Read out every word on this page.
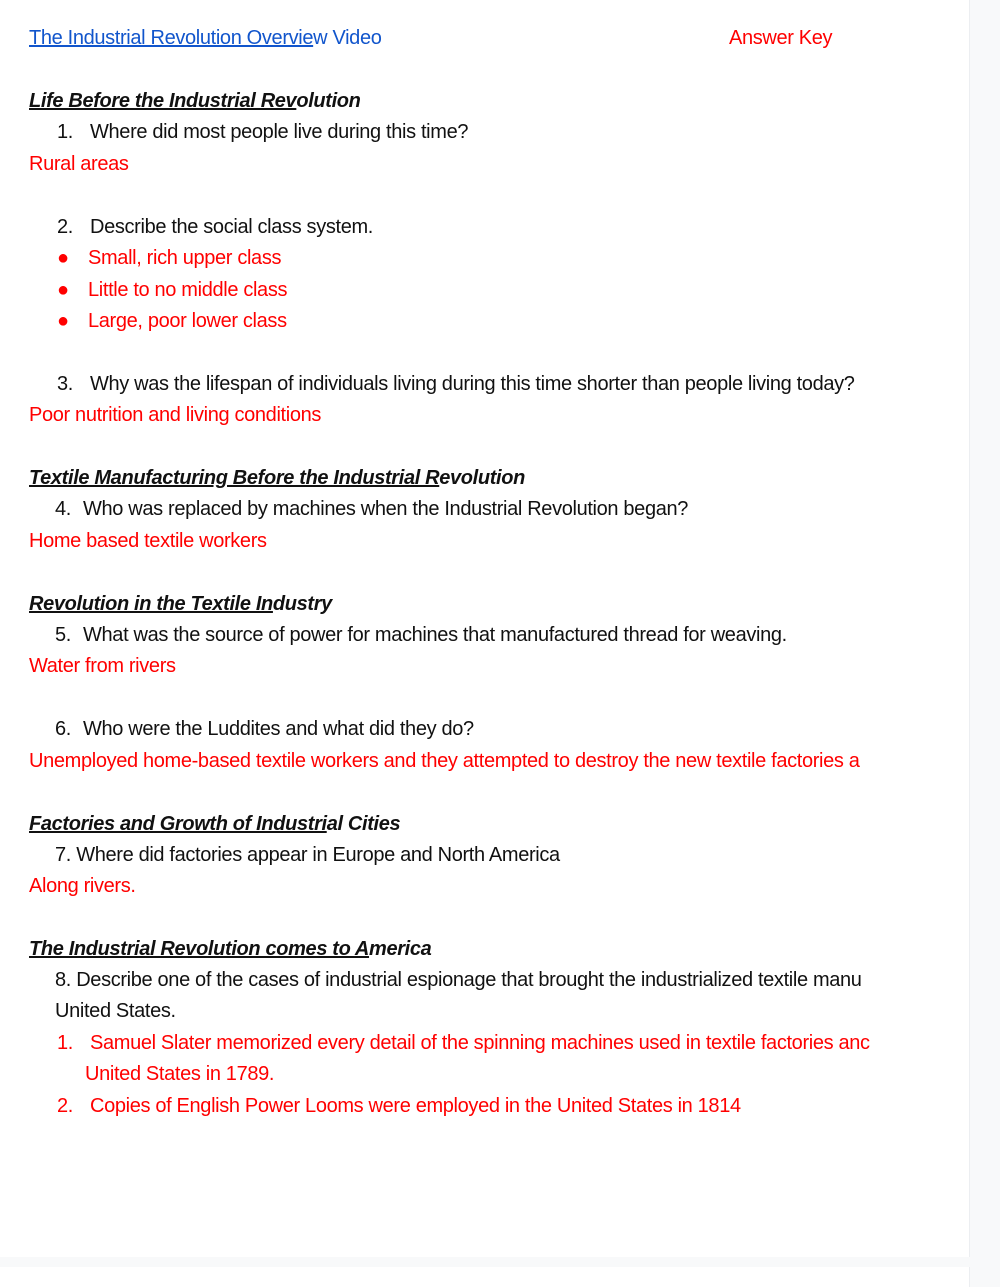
The Industrial Revolution Overview Video	Answer Key
Life Before the Industrial Revolution
1. Where did most people live during this time?
Rural areas
2. Describe the social class system.
● Small, rich upper class
● Little to no middle class
● Large, poor lower class
3. Why was the lifespan of individuals living during this time shorter than people living today?
Poor nutrition and living conditions
Textile Manufacturing Before the Industrial Revolution
4. Who was replaced by machines when the Industrial Revolution began?
Home based textile workers
Revolution in the Textile Industry
5. What was the source of power for machines that manufactured thread for weaving.
Water from rivers
6. Who were the Luddites and what did they do?
Unemployed home-based textile workers and they attempted to destroy the new textile factories a
Factories and Growth of Industrial Cities
7. Where did factories appear in Europe and North America
Along rivers.
The Industrial Revolution comes to America
8. Describe one of the cases of industrial espionage that brought the industrialized textile manu
United States.
1. Samuel Slater memorized every detail of the spinning machines used in textile factories anc
United States in 1789.
2. Copies of English Power Looms were employed in the United States in 1814
